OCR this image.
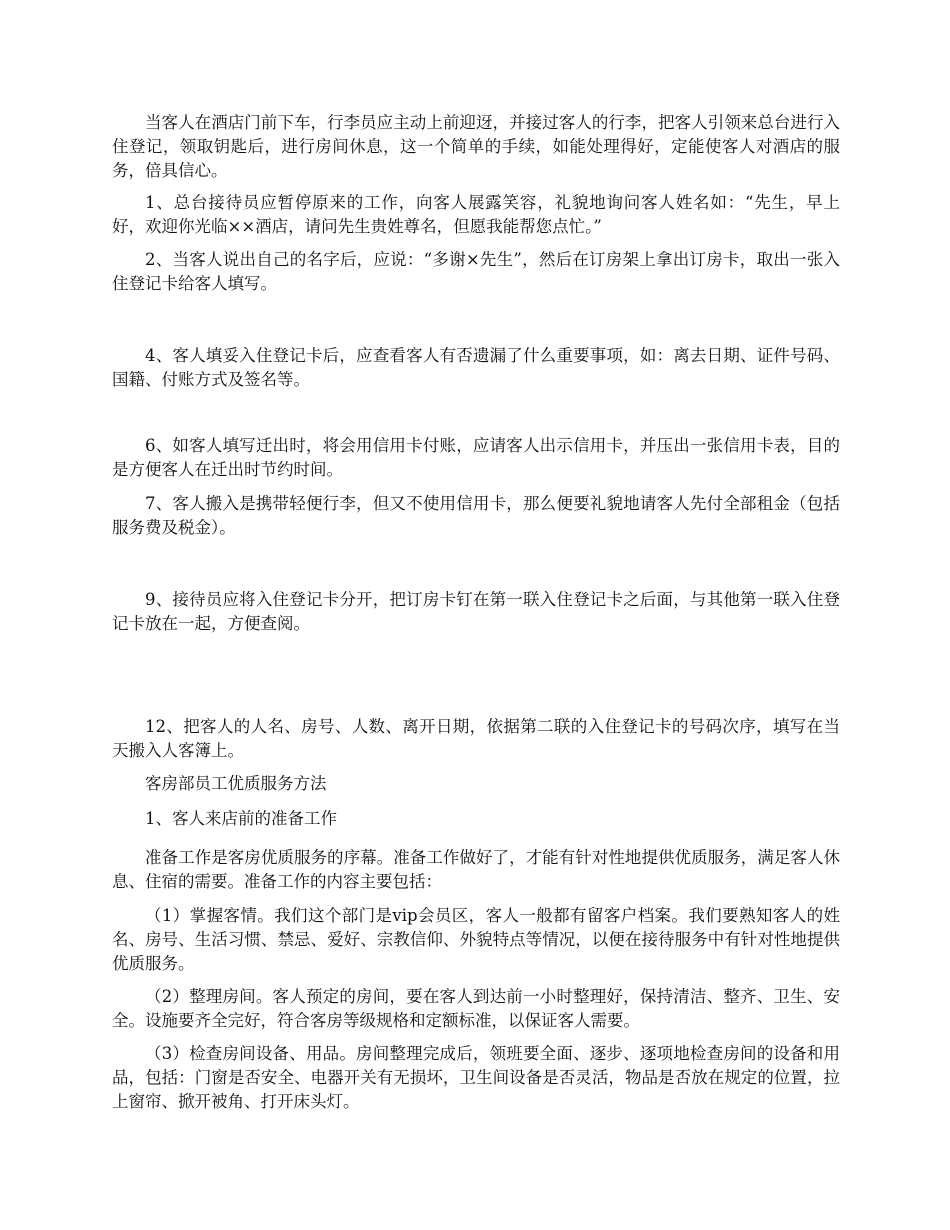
当客人在酒店门前下车，行李员应主动上前迎迓，并接过客人的行李，把客人引领来总台进行入住登记，领取钥匙后，进行房间休息，这一个简单的手续，如能处理得好，定能使客人对酒店的服务，倍具信心。

1、总台接待员应暂停原来的工作，向客人展露笑容，礼貌地询问客人姓名如：“先生，早上好，欢迎你光临××酒店，请问先生贵姓尊名，但愿我能帮您点忙。”

2、当客人说出自己的名字后，应说：“多谢×先生”，然后在订房架上拿出订房卡，取出一张入住登记卡给客人填写。

4、客人填妥入住登记卡后，应查看客人有否遗漏了什么重要事项，如：离去日期、证件号码、国籍、付账方式及签名等。

6、如客人填写迁出时，将会用信用卡付账，应请客人出示信用卡，并压出一张信用卡表，目的是方便客人在迁出时节约时间。

7、客人搬入是携带轻便行李，但又不使用信用卡，那么便要礼貌地请客人先付全部租金（包括服务费及税金）。

9、接待员应将入住登记卡分开，把订房卡钉在第一联入住登记卡之后面，与其他第一联入住登记卡放在一起，方便查阅。

12、把客人的人名、房号、人数、离开日期，依据第二联的入住登记卡的号码次序，填写在当天搬入人客簿上。

客房部员工优质服务方法

1、客人来店前的准备工作

准备工作是客房优质服务的序幕。准备工作做好了，才能有针对性地提供优质服务，满足客人休息、住宿的需要。准备工作的内容主要包括：

（1）掌握客情。我们这个部门是vip会员区，客人一般都有留客户档案。我们要熟知客人的姓名、房号、生活习惯、禁忌、爱好、宗教信仰、外貌特点等情况，以便在接待服务中有针对性地提供优质服务。

（2）整理房间。客人预定的房间，要在客人到达前一小时整理好，保持清洁、整齐、卫生、安全。设施要齐全完好，符合客房等级规格和定额标准，以保证客人需要。

（3）检查房间设备、用品。房间整理完成后，领班要全面、逐步、逐项地检查房间的设备和用品，包括：门窗是否安全、电器开关有无损坏，卫生间设备是否灵活，物品是否放在规定的位置，拉上窗帘、掀开被角、打开床头灯。
